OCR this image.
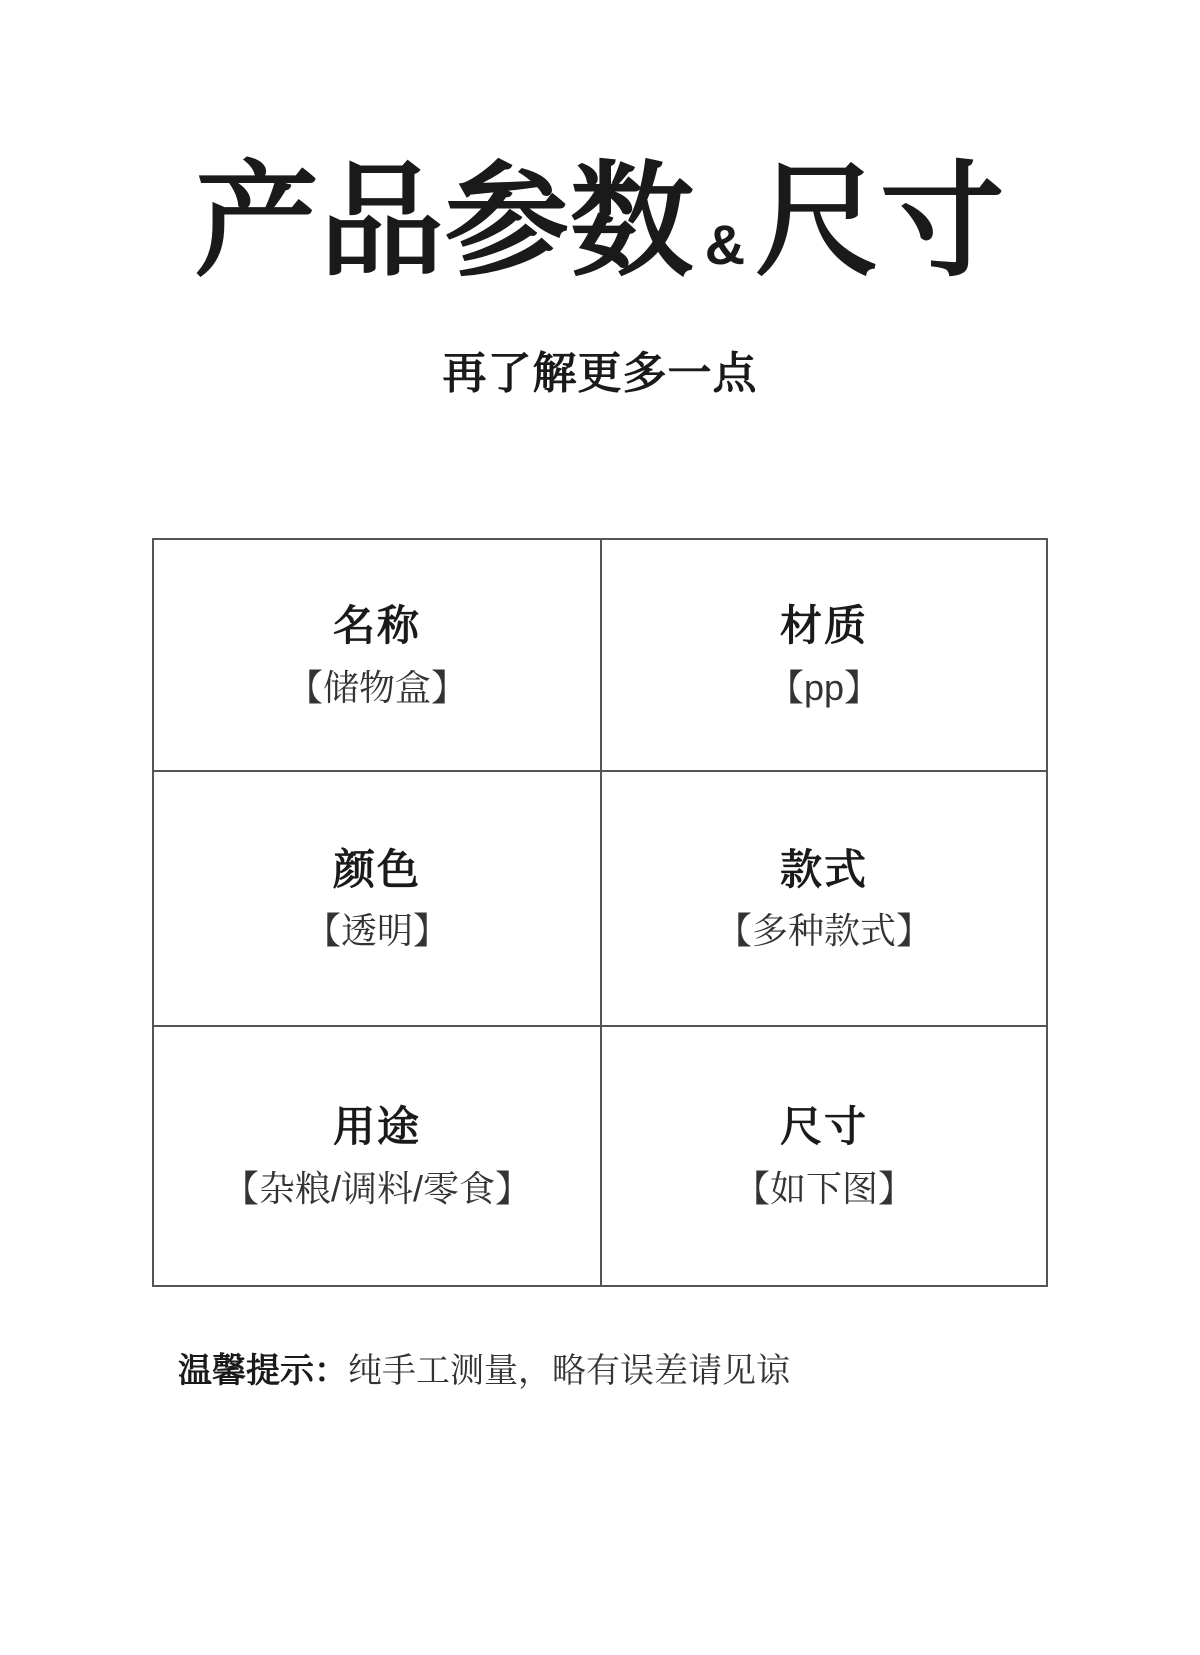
产品参数 &尺寸
再了解更多一点
名称
【储物盒】
材质
【pp】
颜色
【透明】
款式
【多种款式】
用途
【杂粮/调料/零食】
尺寸
【如下图】
温馨提示：纯手工测量，略有误差请见谅
